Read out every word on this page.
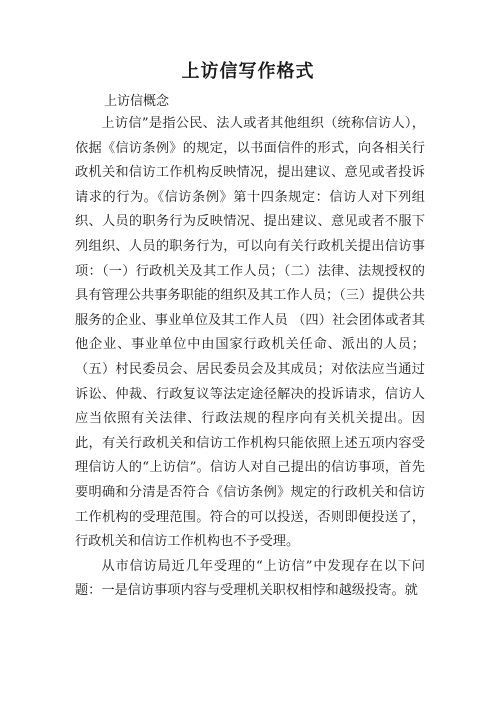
上访信写作格式
上访信概念

上访信”是指公民、法人或者其他组织（统称信访人），依据《信访条例》的规定，以书面信件的形式，向各相关行政机关和信访工作机构反映情况，提出建议、意见或者投诉请求的行为。《信访条例》第十四条规定：信访人对下列组织、人员的职务行为反映情况、提出建议、意见或者不服下列组织、人员的职务行为，可以向有关行政机关提出信访事项：（一）行政机关及其工作人员；（二）法律、法规授权的具有管理公共事务职能的组织及其工作人员；（三）提供公共服务的企业、事业单位及其工作人员 （四）社会团体或者其他企业、事业单位中由国家行政机关任命、派出的人员；（五）村民委员会、居民委员会及其成员；对依法应当通过诉讼、仲裁、行政复议等法定途径解决的投诉请求，信访人应当依照有关法律、行政法规的程序向有关机关提出。因此，有关行政机关和信访工作机构只能依照上述五项内容受理信访人的“上访信”。信访人对自己提出的信访事项，首先要明确和分清是否符合《信访条例》规定的行政机关和信访工作机构的受理范围。符合的可以投送，否则即便投送了，行政机关和信访工作机构也不予受理。

从市信访局近几年受理的“上访信”中发现存在以下问题：一是信访事项内容与受理机关职权相悖和越级投寄。就
